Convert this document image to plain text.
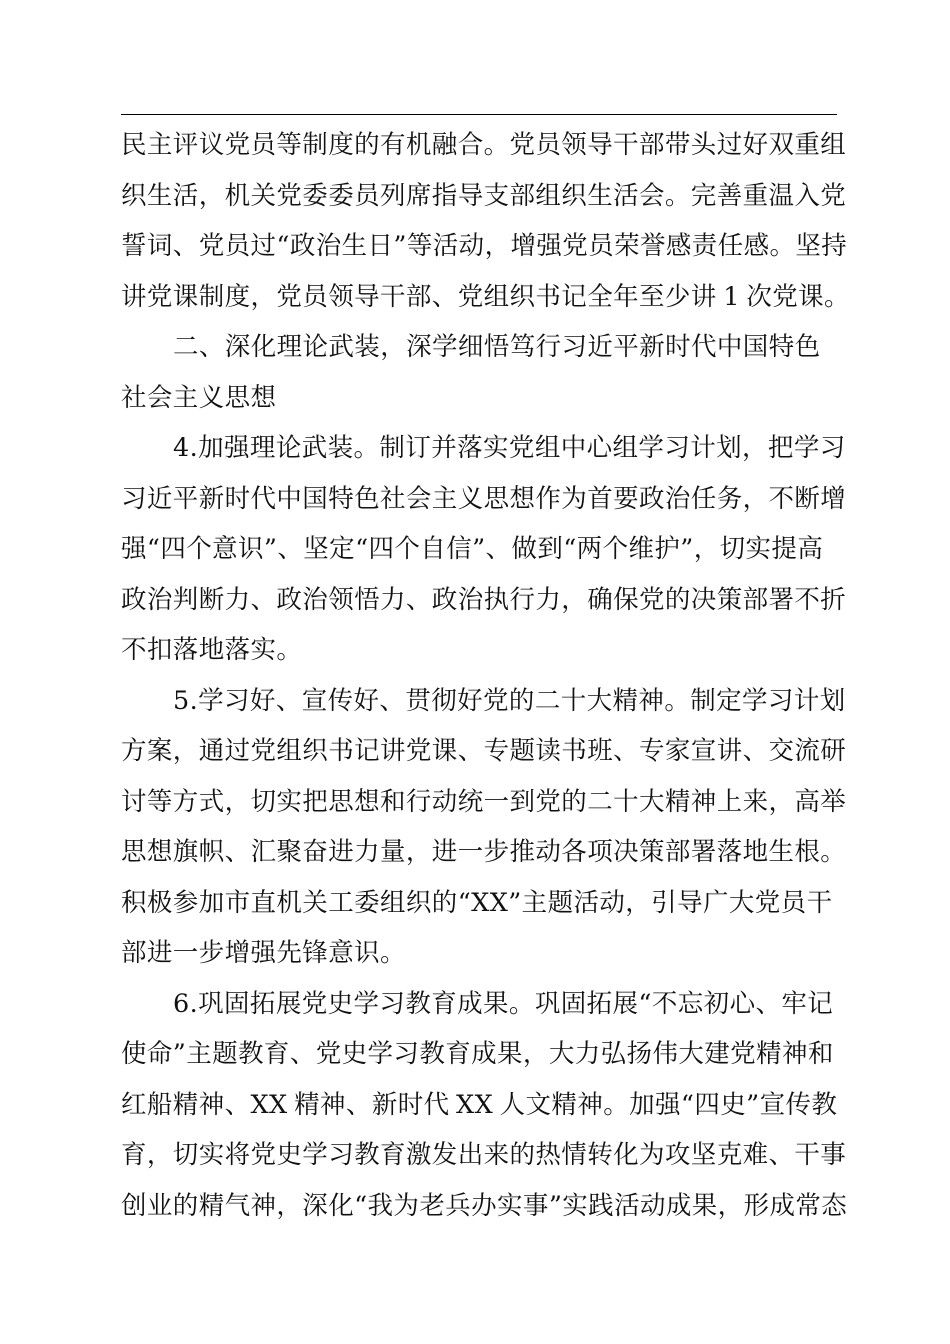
民主评议党员等制度的有机融合。党员领导干部带头过好双重组
织生活，机关党委委员列席指导支部组织生活会。完善重温入党
誓词、党员过“政治生日”等活动，增强党员荣誉感责任感。坚持
讲党课制度，党员领导干部、党组织书记全年至少讲 1 次党课。
二、深化理论武装，深学细悟笃行习近平新时代中国特色
社会主义思想
4.加强理论武装。制订并落实党组中心组学习计划，把学习
习近平新时代中国特色社会主义思想作为首要政治任务，不断增
强“四个意识”、坚定“四个自信”、做到“两个维护”，切实提高
政治判断力、政治领悟力、政治执行力，确保党的决策部署不折
不扣落地落实。
5.学习好、宣传好、贯彻好党的二十大精神。制定学习计划
方案，通过党组织书记讲党课、专题读书班、专家宣讲、交流研
讨等方式，切实把思想和行动统一到党的二十大精神上来，高举
思想旗帜、汇聚奋进力量，进一步推动各项决策部署落地生根。
积极参加市直机关工委组织的“XX”主题活动，引导广大党员干
部进一步增强先锋意识。
6.巩固拓展党史学习教育成果。巩固拓展“不忘初心、牢记
使命”主题教育、党史学习教育成果，大力弘扬伟大建党精神和
红船精神、XX 精神、新时代 XX 人文精神。加强“四史”宣传教
育，切实将党史学习教育激发出来的热情转化为攻坚克难、干事
创业的精气神，深化“我为老兵办实事”实践活动成果，形成常态
